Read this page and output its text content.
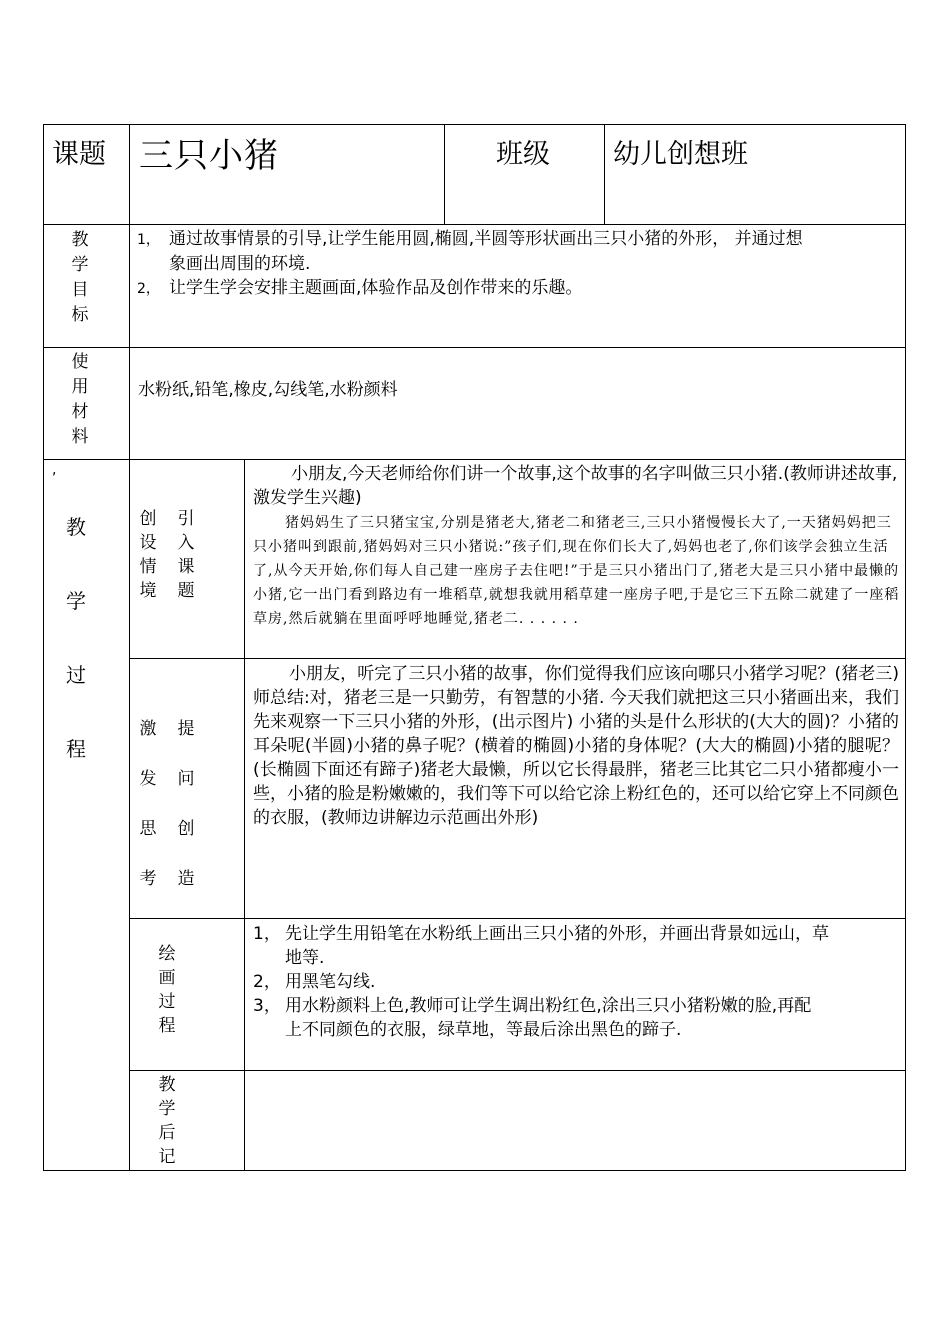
课题 三只小猪	班级 幼儿创想班
教
学
目
标
1， 通过故事情景的引导,让学生能用圆,椭圆,半圆等形状画出三只小猪的外形， 并通过想
象画出周围的环境.
2， 让学生学会安排主题画面,体验作品及创作带来的乐趣。
使
用
材
料
水粉纸,铅笔,橡皮,勾线笔,水粉颜料
,
教
学
过
程
创
设
情
境
引
入
课
题
小朋友,今天老师给你们讲一个故事,这个故事的名字叫做三只小猪.(教师讲述故事,激发学生兴趣)
猪妈妈生了三只猪宝宝,分别是猪老大,猪老二和猪老三,三只小猪慢慢长大了,一天猪妈妈把三只小猪叫到跟前,猪妈妈对三只小猪说:”孩子们,现在你们长大了,妈妈也老了,你们该学会独立生活了,从今天开始,你们每人自己建一座房子去住吧!”于是三只小猪出门了,猪老大是三只小猪中最懒的小猪,它一出门看到路边有一堆稻草,就想我就用稻草建一座房子吧,于是它三下五除二就建了一座稻草房,然后就躺在里面呼呼地睡觉,猪老二. . . . . .
激
发
思
考
提
问
创
造
小朋友，听完了三只小猪的故事，你们觉得我们应该向哪只小猪学习呢？(猪老三)师总结:对，猪老三是一只勤劳，有智慧的小猪. 今天我们就把这三只小猪画出来，我们先来观察一下三只小猪的外形，(出示图片) 小猪的头是什么形状的(大大的圆)？小猪的耳朵呢(半圆)小猪的鼻子呢？(横着的椭圆)小猪的身体呢？(大大的椭圆)小猪的腿呢？(长椭圆下面还有蹄子)猪老大最懒，所以它长得最胖，猪老三比其它二只小猪都瘦小一些，小猪的脸是粉嫩嫩的，我们等下可以给它涂上粉红色的，还可以给它穿上不同颜色的衣服，(教师边讲解边示范画出外形)
绘
画
过
程
1， 先让学生用铅笔在水粉纸上画出三只小猪的外形，并画出背景如远山，草
地等.
2， 用黑笔勾线.
3， 用水粉颜料上色,教师可让学生调出粉红色,涂出三只小猪粉嫩的脸,再配
上不同颜色的衣服，绿草地，等最后涂出黑色的蹄子.
教
学
后
记
